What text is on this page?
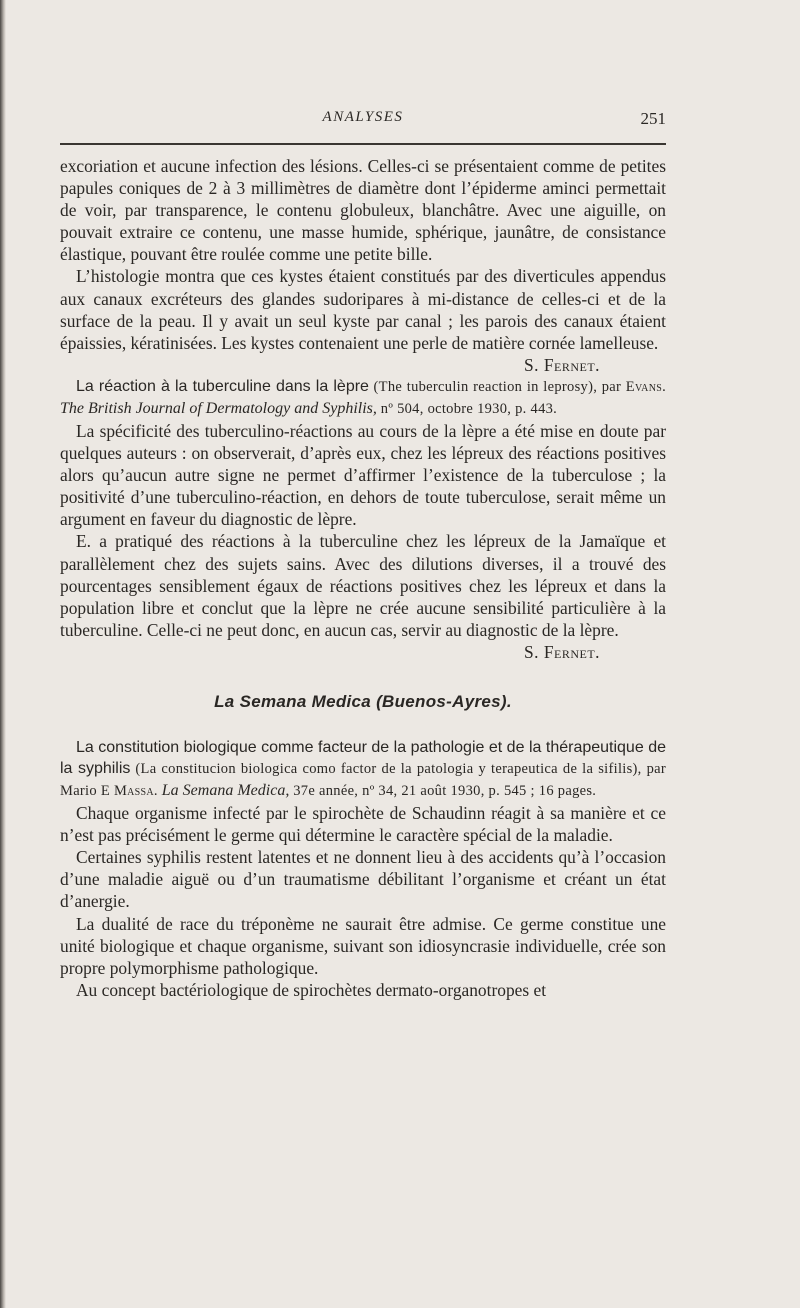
ANALYSES	251

excoriation et aucune infection des lésions. Celles-ci se présentaient comme de petites papules coniques de 2 à 3 millimètres de diamètre dont l’épiderme aminci permettait de voir, par transparence, le contenu globuleux, blanchâtre. Avec une aiguille, on pouvait extraire ce contenu, une masse humide, sphérique, jaunâtre, de consistance élastique, pouvant être roulée comme une petite bille.

L’histologie montra que ces kystes étaient constitués par des diverticules appendus aux canaux excréteurs des glandes sudoripares à mi-distance de celles-ci et de la surface de la peau. Il y avait un seul kyste par canal ; les parois des canaux étaient épaissies, kératinisées. Les kystes contenaient une perle de matière cornée lamelleuse.

S. Fernet.

La réaction à la tuberculine dans la lèpre (The tuberculin reaction in leprosy), par Evans. The British Journal of Dermatology and Syphilis, nº 504, octobre 1930, p. 443.

La spécificité des tuberculino-réactions au cours de la lèpre a été mise en doute par quelques auteurs : on observerait, d’après eux, chez les lépreux des réactions positives alors qu’aucun autre signe ne permet d’affirmer l’existence de la tuberculose ; la positivité d’une tuberculino-réaction, en dehors de toute tuberculose, serait même un argument en faveur du diagnostic de lèpre.

E. a pratiqué des réactions à la tuberculine chez les lépreux de la Jamaïque et parallèlement chez des sujets sains. Avec des dilutions diverses, il a trouvé des pourcentages sensiblement égaux de réactions positives chez les lépreux et dans la population libre et conclut que la lèpre ne crée aucune sensibilité particulière à la tuberculine. Celle-ci ne peut donc, en aucun cas, servir au diagnostic de la lèpre.

S. Fernet.

La Semana Medica (Buenos-Ayres).

La constitution biologique comme facteur de la pathologie et de la thérapeutique de la syphilis (La constitucion biologica como factor de la patologia y terapeutica de la sifilis), par Mario E Massa. La Semana Medica, 37e année, nº 34, 21 août 1930, p. 545 ; 16 pages.

Chaque organisme infecté par le spirochète de Schaudinn réagit à sa manière et ce n’est pas précisément le germe qui détermine le caractère spécial de la maladie.

Certaines syphilis restent latentes et ne donnent lieu à des accidents qu’à l’occasion d’une maladie aiguë ou d’un traumatisme débilitant l’organisme et créant un état d’anergie.

La dualité de race du tréponème ne saurait être admise. Ce germe constitue une unité biologique et chaque organisme, suivant son idiosyncrasie individuelle, crée son propre polymorphisme pathologique.

Au concept bactériologique de spirochètes dermato-organotropes et
